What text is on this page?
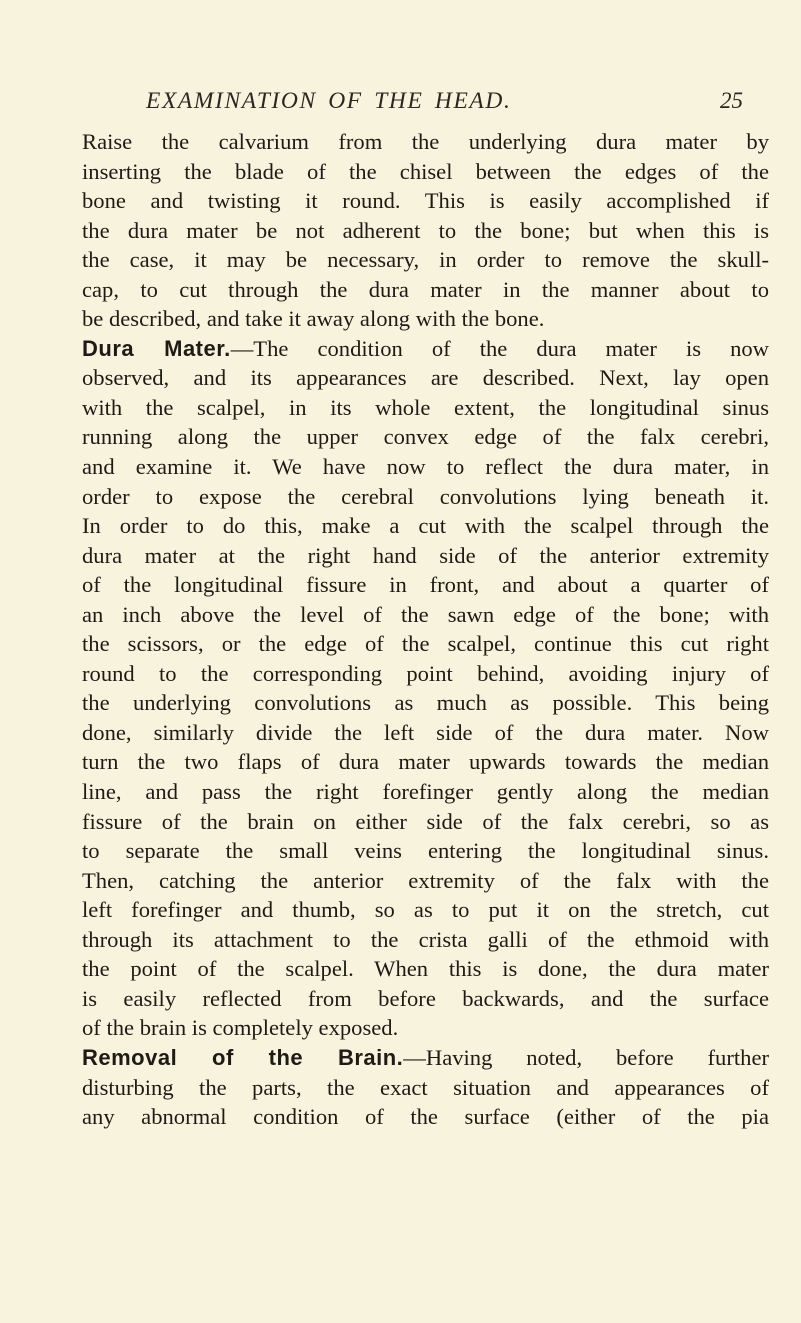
EXAMINATION OF THE HEAD.	25
Raise the calvarium from the underlying dura mater by
inserting the blade of the chisel between the edges of the
bone and twisting it round. This is easily accomplished if
the dura mater be not adherent to the bone; but when this is
the case, it may be necessary, in order to remove the skull-
cap, to cut through the dura mater in the manner about to
be described, and take it away along with the bone.
Dura Mater.—The condition of the dura mater is now
observed, and its appearances are described. Next, lay open
with the scalpel, in its whole extent, the longitudinal sinus
running along the upper convex edge of the falx cerebri,
and examine it. We have now to reflect the dura mater, in
order to expose the cerebral convolutions lying beneath it.
In order to do this, make a cut with the scalpel through the
dura mater at the right hand side of the anterior extremity
of the longitudinal fissure in front, and about a quarter of
an inch above the level of the sawn edge of the bone; with
the scissors, or the edge of the scalpel, continue this cut right
round to the corresponding point behind, avoiding injury of
the underlying convolutions as much as possible. This being
done, similarly divide the left side of the dura mater. Now
turn the two flaps of dura mater upwards towards the median
line, and pass the right forefinger gently along the median
fissure of the brain on either side of the falx cerebri, so as
to separate the small veins entering the longitudinal sinus.
Then, catching the anterior extremity of the falx with the
left forefinger and thumb, so as to put it on the stretch, cut
through its attachment to the crista galli of the ethmoid with
the point of the scalpel. When this is done, the dura mater
is easily reflected from before backwards, and the surface
of the brain is completely exposed.
Removal of the Brain.—Having noted, before further
disturbing the parts, the exact situation and appearances of
any abnormal condition of the surface (either of the pia
